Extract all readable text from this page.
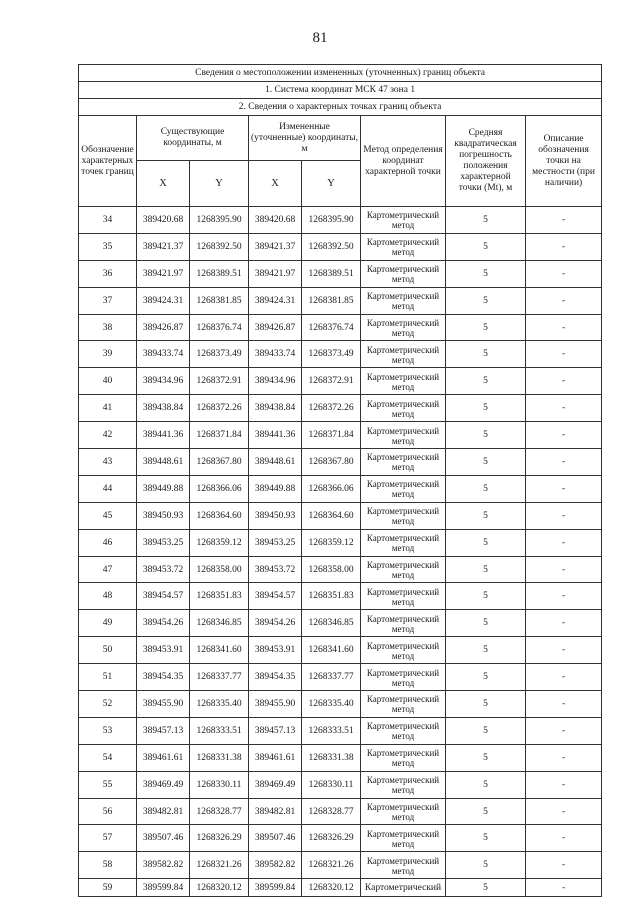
81
Сведения о местоположении измененных (уточненных) границ объекта							
1. Система координат МСК 47 зона 1							
2. Сведения о характерных точках границ объекта							
Обозначение характерных точек границ	Существующие координаты, м		Измененные (уточненные) координаты, м		Метод определения координат характерной точки	Средняя квадратическая погрешность положения характерной точки (Mt), м	Описание обозначения точки на местности (при наличии)
	X	Y	X	Y			
34	389420.68	1268395.90	389420.68	1268395.90	Картометрический метод	5	-
35	389421.37	1268392.50	389421.37	1268392.50	Картометрический метод	5	-
36	389421.97	1268389.51	389421.97	1268389.51	Картометрический метод	5	-
37	389424.31	1268381.85	389424.31	1268381.85	Картометрический метод	5	-
38	389426.87	1268376.74	389426.87	1268376.74	Картометрический метод	5	-
39	389433.74	1268373.49	389433.74	1268373.49	Картометрический метод	5	-
40	389434.96	1268372.91	389434.96	1268372.91	Картометрический метод	5	-
41	389438.84	1268372.26	389438.84	1268372.26	Картометрический метод	5	-
42	389441.36	1268371.84	389441.36	1268371.84	Картометрический метод	5	-
43	389448.61	1268367.80	389448.61	1268367.80	Картометрический метод	5	-
44	389449.88	1268366.06	389449.88	1268366.06	Картометрический метод	5	-
45	389450.93	1268364.60	389450.93	1268364.60	Картометрический метод	5	-
46	389453.25	1268359.12	389453.25	1268359.12	Картометрический метод	5	-
47	389453.72	1268358.00	389453.72	1268358.00	Картометрический метод	5	-
48	389454.57	1268351.83	389454.57	1268351.83	Картометрический метод	5	-
49	389454.26	1268346.85	389454.26	1268346.85	Картометрический метод	5	-
50	389453.91	1268341.60	389453.91	1268341.60	Картометрический метод	5	-
51	389454.35	1268337.77	389454.35	1268337.77	Картометрический метод	5	-
52	389455.90	1268335.40	389455.90	1268335.40	Картометрический метод	5	-
53	389457.13	1268333.51	389457.13	1268333.51	Картометрический метод	5	-
54	389461.61	1268331.38	389461.61	1268331.38	Картометрический метод	5	-
55	389469.49	1268330.11	389469.49	1268330.11	Картометрический метод	5	-
56	389482.81	1268328.77	389482.81	1268328.77	Картометрический метод	5	-
57	389507.46	1268326.29	389507.46	1268326.29	Картометрический метод	5	-
58	389582.82	1268321.26	389582.82	1268321.26	Картометрический метод	5	-
59	389599.84	1268320.12	389599.84	1268320.12	Картометрический	5	-
